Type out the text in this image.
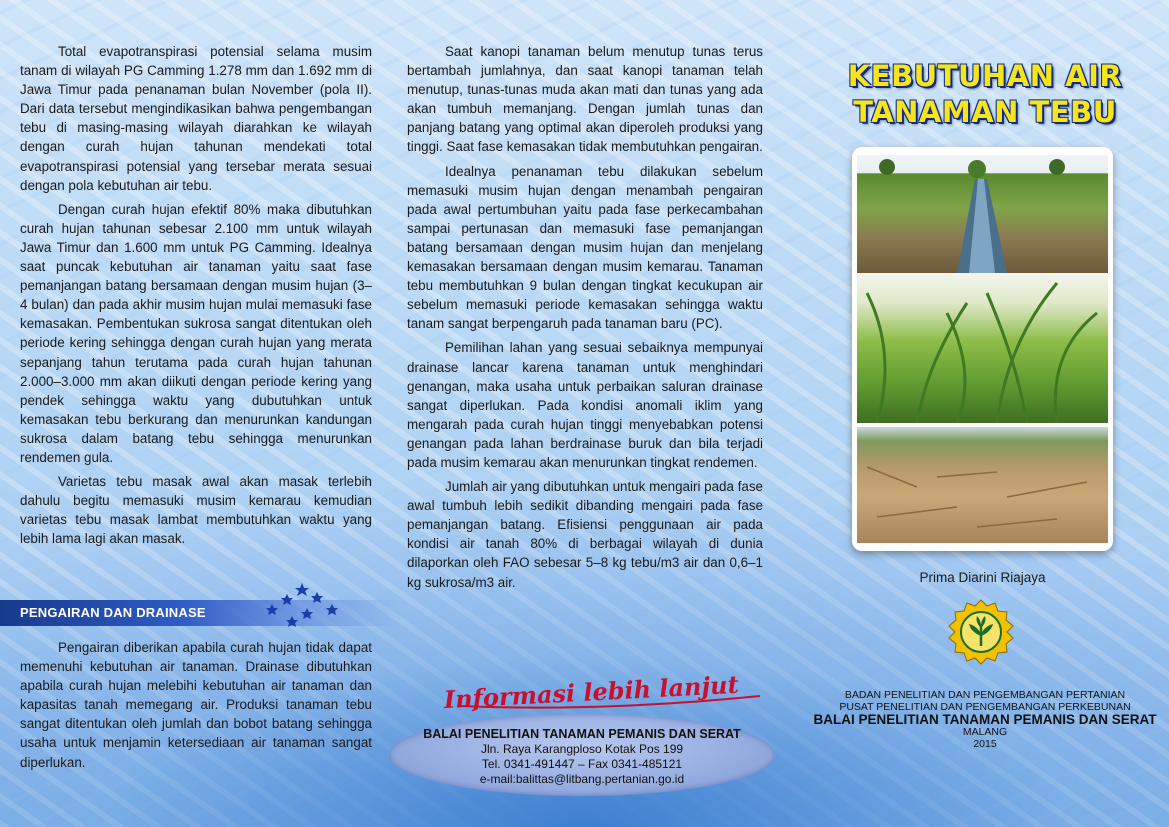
Total evapotranspirasi potensial selama musim tanam di wilayah PG Camming 1.278 mm dan 1.692 mm di Jawa Timur pada penanaman bulan November (pola II). Dari data tersebut mengindikasikan bahwa pengembangan tebu di masing-masing wilayah diarahkan ke wilayah dengan curah hujan tahunan mendekati total evapotranspirasi potensial yang tersebar merata sesuai dengan pola kebutuhan air tebu.

Dengan curah hujan efektif 80% maka dibutuhkan curah hujan tahunan sebesar 2.100 mm untuk wilayah Jawa Timur dan 1.600 mm untuk PG Camming. Idealnya saat puncak kebutuhan air tanaman yaitu saat fase pemanjangan batang bersamaan dengan musim hujan (3–4 bulan) dan pada akhir musim hujan mulai memasuki fase kemasakan. Pembentukan sukrosa sangat ditentukan oleh periode kering sehingga dengan curah hujan yang merata sepanjang tahun terutama pada curah hujan tahunan 2.000–3.000 mm akan diikuti dengan periode kering yang pendek sehingga waktu yang dubutuhkan untuk kemasakan tebu berkurang dan menurunkan kandungan sukrosa dalam batang tebu sehingga menurunkan rendemen gula.

Varietas tebu masak awal akan masak terlebih dahulu begitu memasuki musim kemarau kemudian varietas tebu masak lambat membutuhkan waktu yang lebih lama lagi akan masak.

PENGAIRAN DAN DRAINASE

Pengairan diberikan apabila curah hujan tidak dapat memenuhi kebutuhan air tanaman. Drainase dibutuhkan apabila curah hujan melebihi kebutuhan air tanaman dan kapasitas tanah memegang air. Produksi tanaman tebu sangat ditentukan oleh jumlah dan bobot batang sehingga usaha untuk menjamin ketersediaan air tanaman sangat diperlukan.

Saat kanopi tanaman belum menutup tunas terus bertambah jumlahnya, dan saat kanopi tanaman telah menutup, tunas-tunas muda akan mati dan tunas yang ada akan tumbuh memanjang. Dengan jumlah tunas dan panjang batang yang optimal akan diperoleh produksi yang tinggi. Saat fase kemasakan tidak membutuhkan pengairan.

Idealnya penanaman tebu dilakukan sebelum memasuki musim hujan dengan menambah pengairan pada awal pertumbuhan yaitu pada fase perkecambahan sampai pertunasan dan memasuki fase pemanjangan batang bersamaan dengan musim hujan dan menjelang kemasakan bersamaan dengan musim kemarau. Tanaman tebu membutuhkan 9 bulan dengan tingkat kecukupan air sebelum memasuki periode kemasakan sehingga waktu tanam sangat berpengaruh pada tanaman baru (PC).

Pemilihan lahan yang sesuai sebaiknya mempunyai drainase lancar karena tanaman untuk menghindari genangan, maka usaha untuk perbaikan saluran drainase sangat diperlukan. Pada kondisi anomali iklim yang mengarah pada curah hujan tinggi menyebabkan potensi genangan pada lahan berdrainase buruk dan bila terjadi pada musim kemarau akan menurunkan tingkat rendemen.

Jumlah air yang dibutuhkan untuk mengairi pada fase awal tumbuh lebih sedikit dibanding mengairi pada fase pemanjangan batang. Efisiensi penggunaan air pada kondisi air tanah 80% di berbagai wilayah di dunia dilaporkan oleh FAO sebesar 5–8 kg tebu/m3 air dan 0,6–1 kg sukrosa/m3 air.

Informasi lebih lanjut
BALAI PENELITIAN TANAMAN PEMANIS DAN SERAT
Jln. Raya Karangploso Kotak Pos 199
Tel. 0341-491447 – Fax 0341-485121
e-mail:balittas@litbang.pertanian.go.id
KEBUTUHAN AIR
TANAMAN TEBU
Prima Diarini Riajaya
BADAN PENELITIAN DAN PENGEMBANGAN PERTANIAN
PUSAT PENELITIAN DAN PENGEMBANGAN PERKEBUNAN
BALAI PENELITIAN TANAMAN PEMANIS DAN SERAT
MALANG
2015
